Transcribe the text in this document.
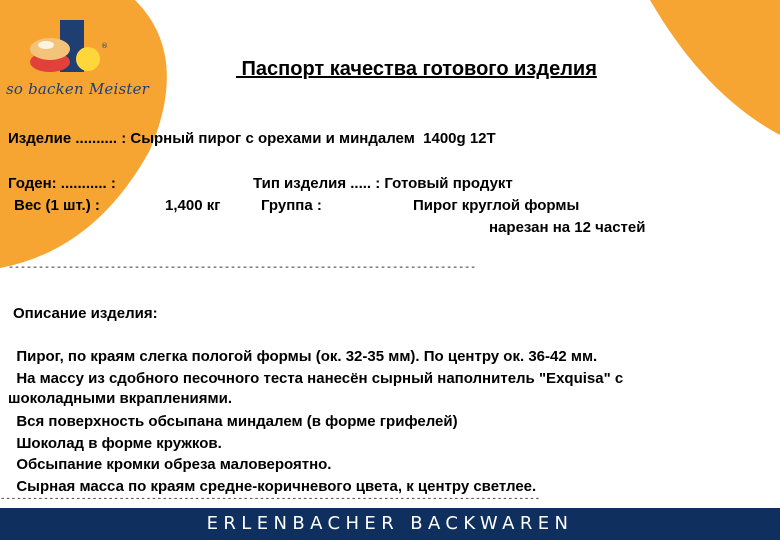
®
so backen Meister
Паспорт качества готового изделия
Изделие .......... : Сырный пирог с орехами и миндалем  1400g 12T
Годен: ........... :
Вес (1 шт.) :	1,400 кг
Тип изделия ..... : Готовый продукт
Группа :	Пирог круглой формы
нарезан на 12 частей
------------------------------------------------------------------------------
Описание изделия:
Пирог, по краям слегка пологой формы (ок. 32-35 мм). По центру ок. 36-42 мм.
На массу из сдобного песочного теста нанесён сырный наполнитель "Exquisa" с
шоколадными вкраплениями.
Вся поверхность обсыпана миндалем (в форме грифелей)
Шоколад в форме кружков.
Обсыпание кромки обреза маловероятно.
Сырная масса по краям средне-коричневого цвета, к центру светлее.
----------------------------------------------------------------------------------------------------
ERLENBACHER BACKWAREN
